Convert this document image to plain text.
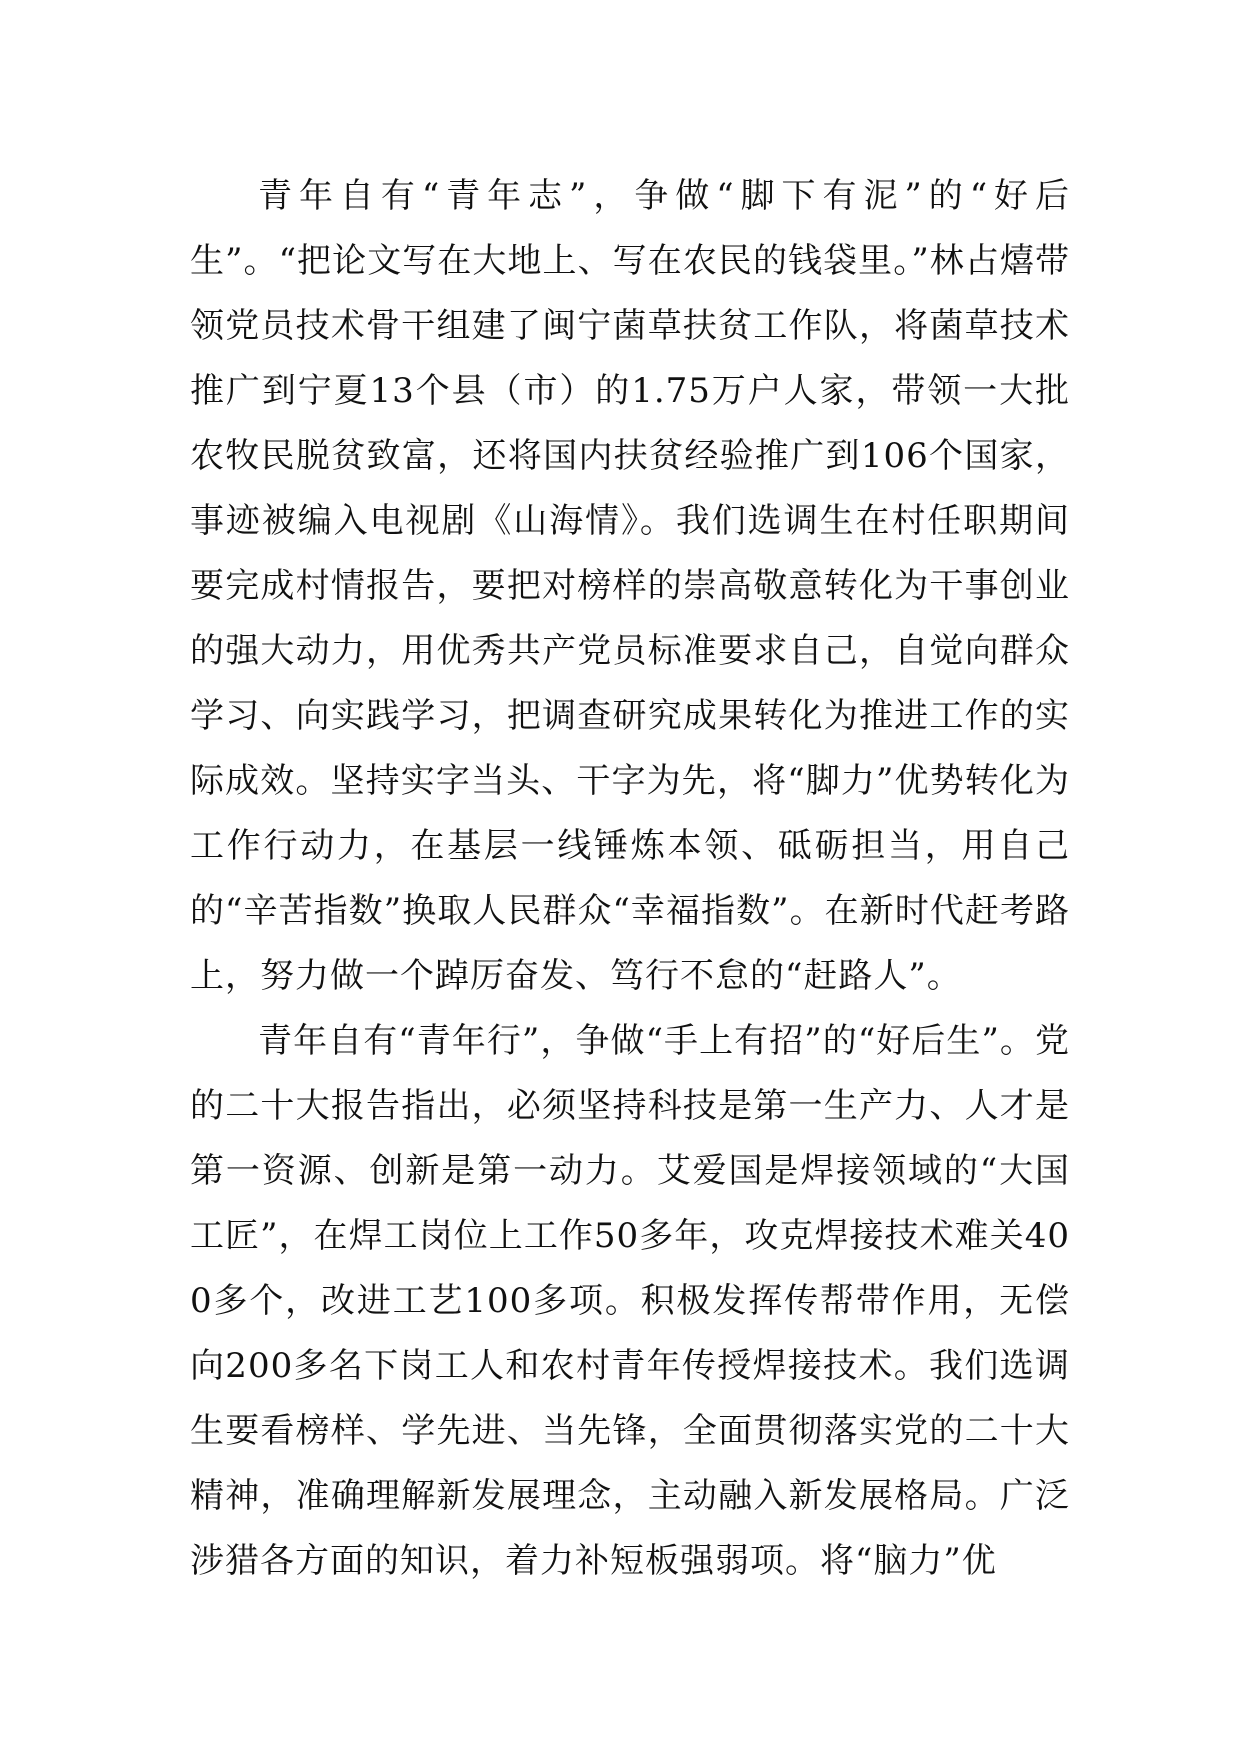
青年自有“青年志”，争做“脚下有泥”的“好后生”。“把论文写在大地上、写在农民的钱袋里。”林占熺带领党员技术骨干组建了闽宁菌草扶贫工作队，将菌草技术推广到宁夏13个县（市）的1.75万户人家，带领一大批农牧民脱贫致富，还将国内扶贫经验推广到106个国家，事迹被编入电视剧《山海情》。我们选调生在村任职期间要完成村情报告，要把对榜样的崇高敬意转化为干事创业的强大动力，用优秀共产党员标准要求自己，自觉向群众学习、向实践学习，把调查研究成果转化为推进工作的实际成效。坚持实字当头、干字为先，将“脚力”优势转化为工作行动力，在基层一线锤炼本领、砥砺担当，用自己的“辛苦指数”换取人民群众“幸福指数”。在新时代赶考路上，努力做一个踔厉奋发、笃行不怠的“赶路人”。

青年自有“青年行”，争做“手上有招”的“好后生”。党的二十大报告指出，必须坚持科技是第一生产力、人才是第一资源、创新是第一动力。艾爱国是焊接领域的“大国工匠”，在焊工岗位上工作50多年，攻克焊接技术难关400多个，改进工艺100多项。积极发挥传帮带作用，无偿向200多名下岗工人和农村青年传授焊接技术。我们选调生要看榜样、学先进、当先锋，全面贯彻落实党的二十大精神，准确理解新发展理念，主动融入新发展格局。广泛涉猎各方面的知识，着力补短板强弱项。将“脑力”优
